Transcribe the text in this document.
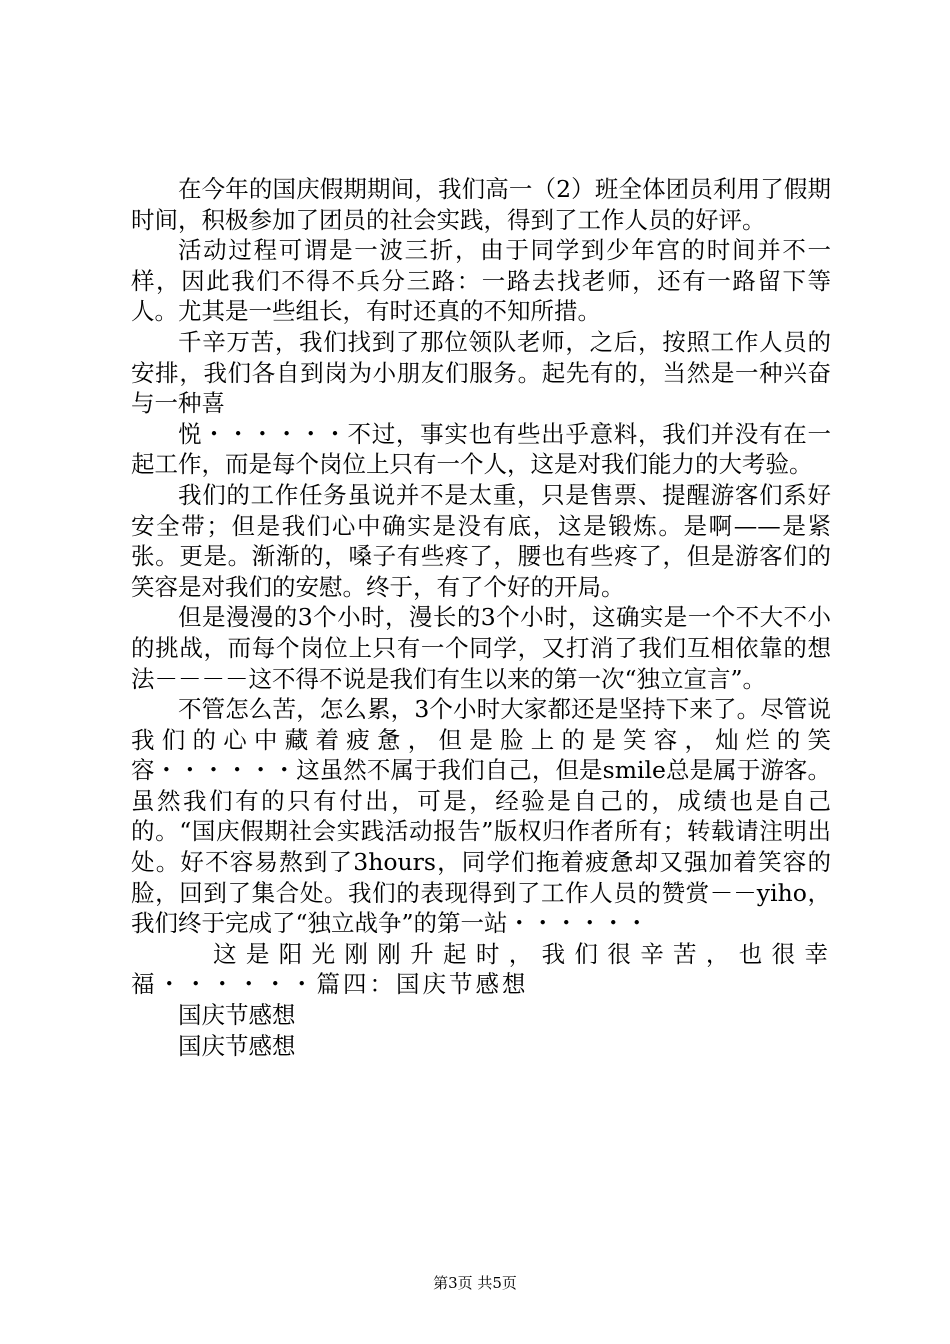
在今年的国庆假期期间，我们高一（2）班全体团员利用了假期时间，积极参加了团员的社会实践，得到了工作人员的好评。

活动过程可谓是一波三折，由于同学到少年宫的时间并不一样，因此我们不得不兵分三路：一路去找老师，还有一路留下等人。尤其是一些组长，有时还真的不知所措。

千辛万苦，我们找到了那位领队老师，之后，按照工作人员的安排，我们各自到岗为小朋友们服务。起先有的，当然是一种兴奋与一种喜

悦・・・・・・不过，事实也有些出乎意料，我们并没有在一起工作，而是每个岗位上只有一个人，这是对我们能力的大考验。

我们的工作任务虽说并不是太重，只是售票、提醒游客们系好安全带；但是我们心中确实是没有底，这是锻炼。是啊——是紧张。更是。渐渐的，嗓子有些疼了，腰也有些疼了，但是游客们的笑容是对我们的安慰。终于，有了个好的开局。

但是漫漫的3个小时，漫长的3个小时，这确实是一个不大不小的挑战，而每个岗位上只有一个同学，又打消了我们互相依靠的想法－－－－这不得不说是我们有生以来的第一次“独立宣言”。

不管怎么苦，怎么累，3个小时大家都还是坚持下来了。尽管说我们的心中藏着疲惫，但是脸上的是笑容，灿烂的笑容・・・・・・这虽然不属于我们自己，但是smile总是属于游客。虽然我们有的只有付出，可是，经验是自己的，成绩也是自己的。“国庆假期社会实践活动报告”版权归作者所有；转载请注明出处。好不容易熬到了3hours，同学们拖着疲惫却又强加着笑容的脸，回到了集合处。我们的表现得到了工作人员的赞赏－－yiho，我们终于完成了“独立战争”的第一站・・・・・・

这是阳光刚刚升起时，我们很辛苦，也很幸福・・・・・・篇四：国庆节感想

国庆节感想

国庆节感想

第3页 共5页
